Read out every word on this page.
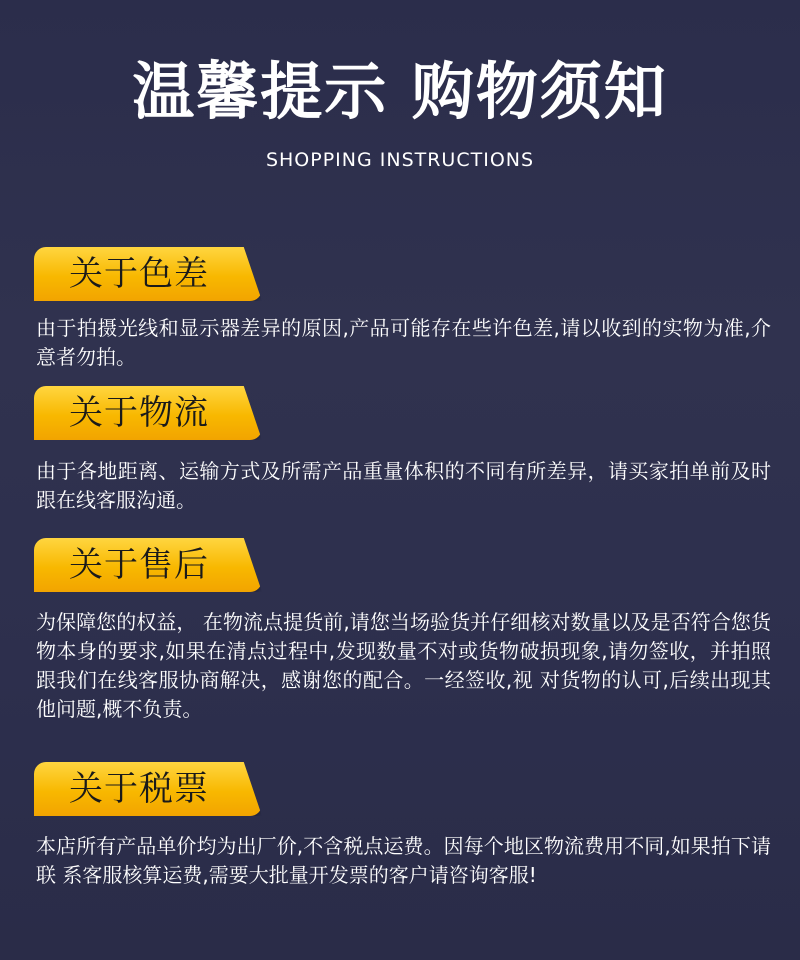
温馨提示 购物须知
SHOPPING INSTRUCTIONS
关于色差
由于拍摄光线和显示器差异的原因,产品可能存在些许色差,请以收到的实物为准,介意者勿拍。
关于物流
由于各地距离、运输方式及所需产品重量体积的不同有所差异，请买家拍单前及时跟在线客服沟通。
关于售后
为保障您的权益， 在物流点提货前,请您当场验货并仔细核对数量以及是否符合您货物本身的要求,如果在清点过程中,发现数量不对或货物破损现象,请勿签收，并拍照跟我们在线客服协商解决，感谢您的配合。一经签收,视 对货物的认可,后续出现其他问题,概不负责。
关于税票
本店所有产品单价均为出厂价,不含税点运费。因每个地区物流费用不同,如果拍下请联 系客服核算运费,需要大批量开发票的客户请咨询客服!
